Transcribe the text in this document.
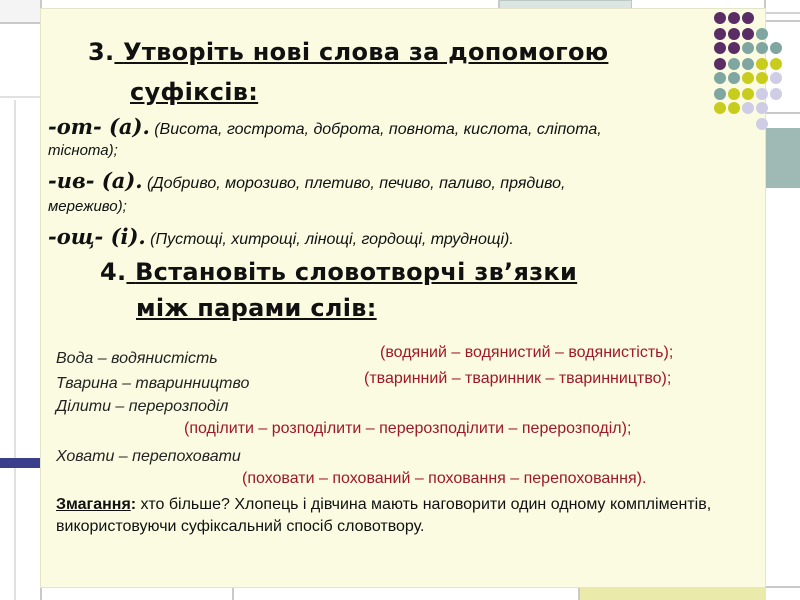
3. Утворіть нові слова за допомогою
суфіксів:
-от- (а). (Висота, гострота, доброта, повнота, кислота, сліпота,
тіснота);
-ив- (а). (Добриво, морозиво, плетиво, печиво, паливо, прядиво,
мереживо);
-ощ- (і). (Пустощі, хитрощі, лінощі, гордощі, труднощі).
4. Встановіть словотворчі зв’язки
між парами слів:
Вода – водянистість	(водяний – водянистий – водянистість);
Тварина – тваринництво	(тваринний – тваринник – тваринництво);
Ділити – перерозподіл
(поділити – розподілити – перерозподілити – перерозподіл);
Ховати – перепоховати
(поховати – похований – поховання – перепоховання).
Змагання: хто більше? Хлопець і дівчина мають наговорити один одному компліментів, використовуючи суфіксальний спосіб словотвору.
